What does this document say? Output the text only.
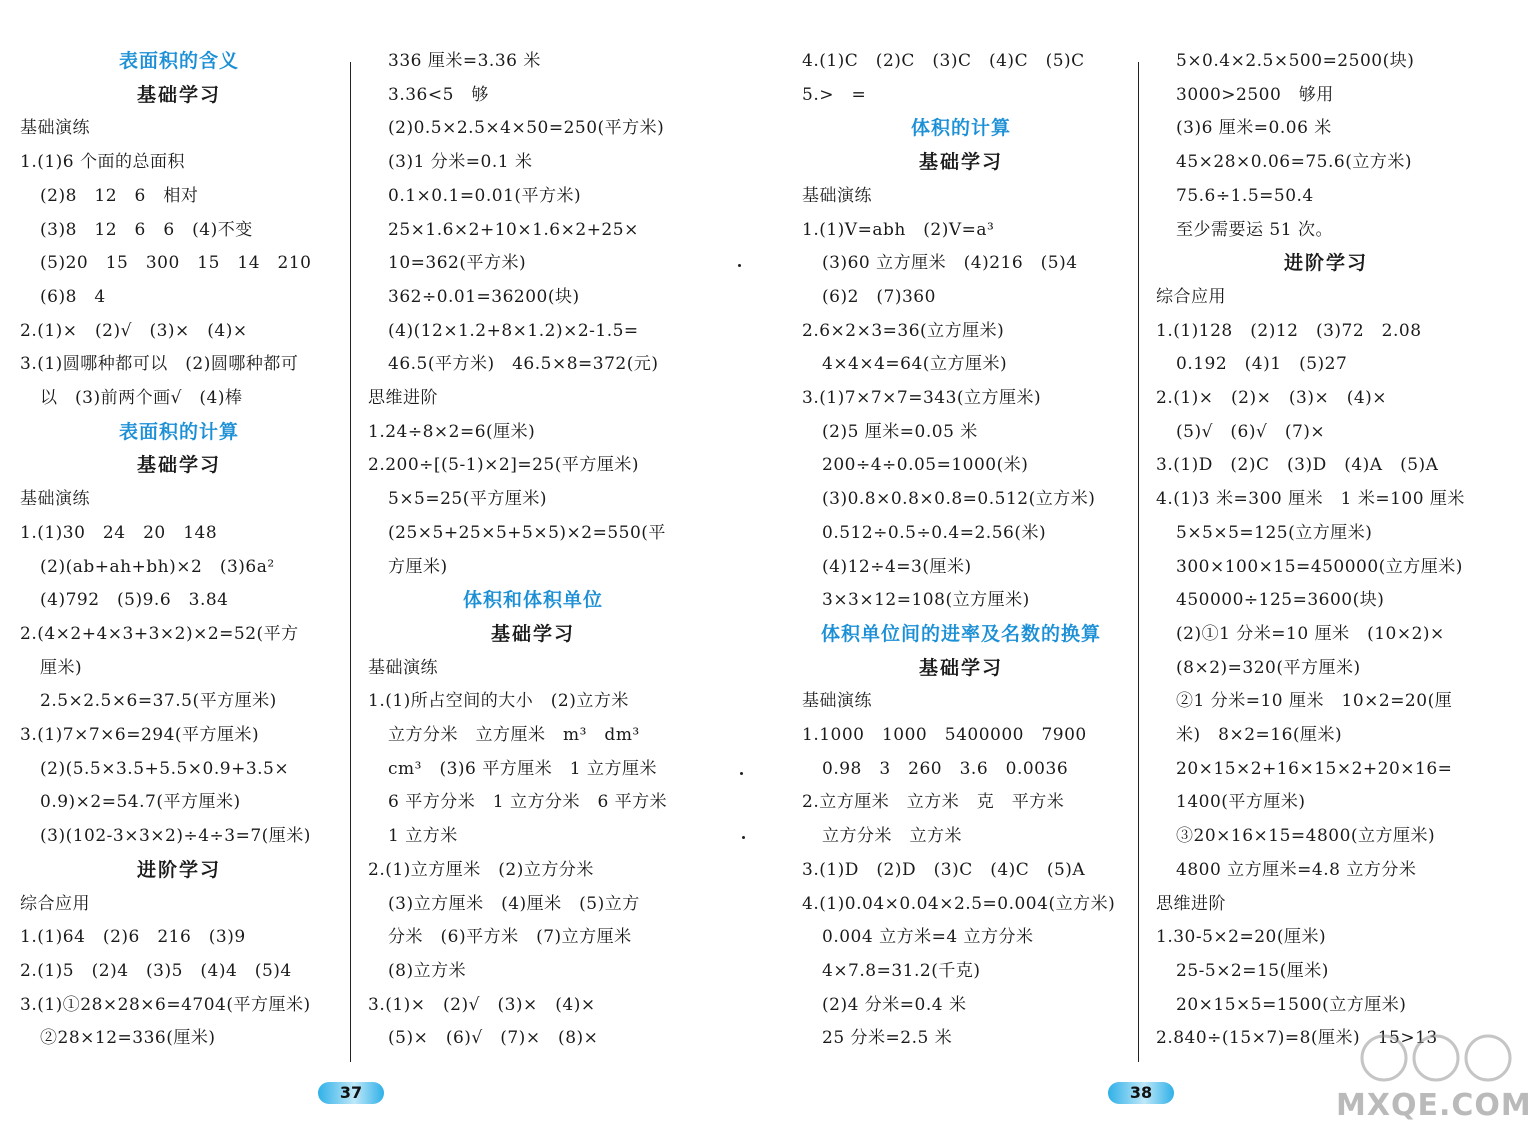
表面积的含义
基础学习
基础演练
1.(1)6 个面的总面积
(2)8　12　6　相对
(3)8　12　6　6　(4)不变
(5)20　15　300　15　14　210
(6)8　4
2.(1)×　(2)√　(3)×　(4)×
3.(1)圆哪种都可以　(2)圆哪种都可
以　(3)前两个画√　(4)棒
表面积的计算
基础学习
基础演练
1.(1)30　24　20　148
(2)(ab+ah+bh)×2　(3)6a²
(4)792　(5)9.6　3.84
2.(4×2+4×3+3×2)×2=52(平方
厘米)
2.5×2.5×6=37.5(平方厘米)
3.(1)7×7×6=294(平方厘米)
(2)(5.5×3.5+5.5×0.9+3.5×
0.9)×2=54.7(平方厘米)
(3)(102-3×3×2)÷4÷3=7(厘米)
进阶学习
综合应用
1.(1)64　(2)6　216　(3)9
2.(1)5　(2)4　(3)5　(4)4　(5)4
3.(1)①28×28×6=4704(平方厘米)
②28×12=336(厘米)
336 厘米=3.36 米
3.36<5　够
(2)0.5×2.5×4×50=250(平方米)
(3)1 分米=0.1 米
0.1×0.1=0.01(平方米)
25×1.6×2+10×1.6×2+25×
10=362(平方米)
362÷0.01=36200(块)
(4)(12×1.2+8×1.2)×2-1.5=
46.5(平方米)　46.5×8=372(元)
思维进阶
1.24÷8×2=6(厘米)
2.200÷[(5-1)×2]=25(平方厘米)
5×5=25(平方厘米)
(25×5+25×5+5×5)×2=550(平
方厘米)
体积和体积单位
基础学习
基础演练
1.(1)所占空间的大小　(2)立方米
立方分米　立方厘米　m³　dm³
cm³　(3)6 平方厘米　1 立方厘米
6 平方分米　1 立方分米　6 平方米
1 立方米
2.(1)立方厘米　(2)立方分米
(3)立方厘米　(4)厘米　(5)立方
分米　(6)平方米　(7)立方厘米
(8)立方米
3.(1)×　(2)√　(3)×　(4)×
(5)×　(6)√　(7)×　(8)×
4.(1)C　(2)C　(3)C　(4)C　(5)C
5.>　=
体积的计算
基础学习
基础演练
1.(1)V=abh　(2)V=a³
(3)60 立方厘米　(4)216　(5)4
(6)2　(7)360
2.6×2×3=36(立方厘米)
4×4×4=64(立方厘米)
3.(1)7×7×7=343(立方厘米)
(2)5 厘米=0.05 米
200÷4÷0.05=1000(米)
(3)0.8×0.8×0.8=0.512(立方米)
0.512÷0.5÷0.4=2.56(米)
(4)12÷4=3(厘米)
3×3×12=108(立方厘米)
体积单位间的进率及名数的换算
基础学习
基础演练
1.1000　1000　5400000　7900
0.98　3　260　3.6　0.0036
2.立方厘米　立方米　克　平方米
立方分米　立方米
3.(1)D　(2)D　(3)C　(4)C　(5)A
4.(1)0.04×0.04×2.5=0.004(立方米)
0.004 立方米=4 立方分米
4×7.8=31.2(千克)
(2)4 分米=0.4 米
25 分米=2.5 米
5×0.4×2.5×500=2500(块)
3000>2500　够用
(3)6 厘米=0.06 米
45×28×0.06=75.6(立方米)
75.6÷1.5=50.4
至少需要运 51 次。
进阶学习
综合应用
1.(1)128　(2)12　(3)72　2.08
0.192　(4)1　(5)27
2.(1)×　(2)×　(3)×　(4)×
(5)√　(6)√　(7)×
3.(1)D　(2)C　(3)D　(4)A　(5)A
4.(1)3 米=300 厘米　1 米=100 厘米
5×5×5=125(立方厘米)
300×100×15=450000(立方厘米)
450000÷125=3600(块)
(2)①1 分米=10 厘米　(10×2)×
(8×2)=320(平方厘米)
②1 分米=10 厘米　10×2=20(厘
米)　8×2=16(厘米)
20×15×2+16×15×2+20×16=
1400(平方厘米)
③20×16×15=4800(立方厘米)
4800 立方厘米=4.8 立方分米
思维进阶
1.30-5×2=20(厘米)
25-5×2=15(厘米)
20×15×5=1500(立方厘米)
2.840÷(15×7)=8(厘米)　15>13
37	38	MXQE.COM
